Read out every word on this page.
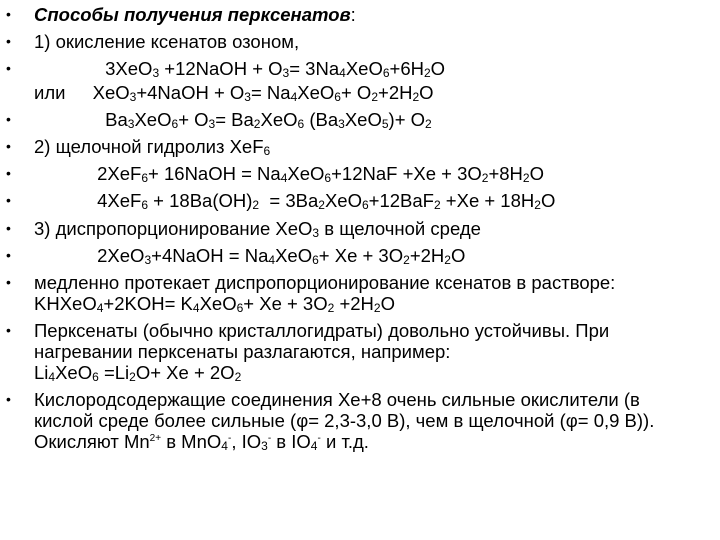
• Способы получения перксенатов:
• 1) окисление ксенатов озоном,
•	3XeO$_3$ +12NaOH + $O_3= 3Na_4XeO_6+6H_2O$
или XeO$_3$+4NaOH + $O_3= Na_4XeO_6+ O_2+2H_2O$
•	$Ba_3XeO_6+ O_3= Ba_2XeO_6$ $(Ba_3XeO_5)+ O_2$
• 2) щелочной гидролиз XeF$_6$
•	2XeF$_6$+ 16NaOH = $Na_4XeO_6+12NaF +Xe + 3O_2+8H_2O$
•	$4XeF_6 + 18Ba(OH)_2 = 3Ba_2XeO_6+12BaF_2 +Xe + 18H_2O$
• 3) диспропорционирование XeO$_3$ в щелочной среде
•	2XeO$_3$+4NaOH = $Na_4XeO_6+ Xe + 3O_2+2H_2O$
• медленно протекает диспропорционирование ксенатов в растворе: KHXeO$_4$+2KOH= $K_4XeO_6+ Xe + 3O_2 +2H_2O$
• Перксенаты (обычно кристаллогидраты) довольно устойчивы. При нагревании перксенаты разлагаются, например: $Li_4XeO_6 =Li_2O+ Xe + 2O_2$
• Кислородсодержащие соединения Xe+8 очень сильные окислители (в кислой среде более сильные (φ= 2,3-3,0 В), чем в щелочной (φ= 0,9 В)). Окисляют $Mn^{2+}$ в MnO$_4$-, $IO_3^-$ в $IO_4^-$ и т.д.
